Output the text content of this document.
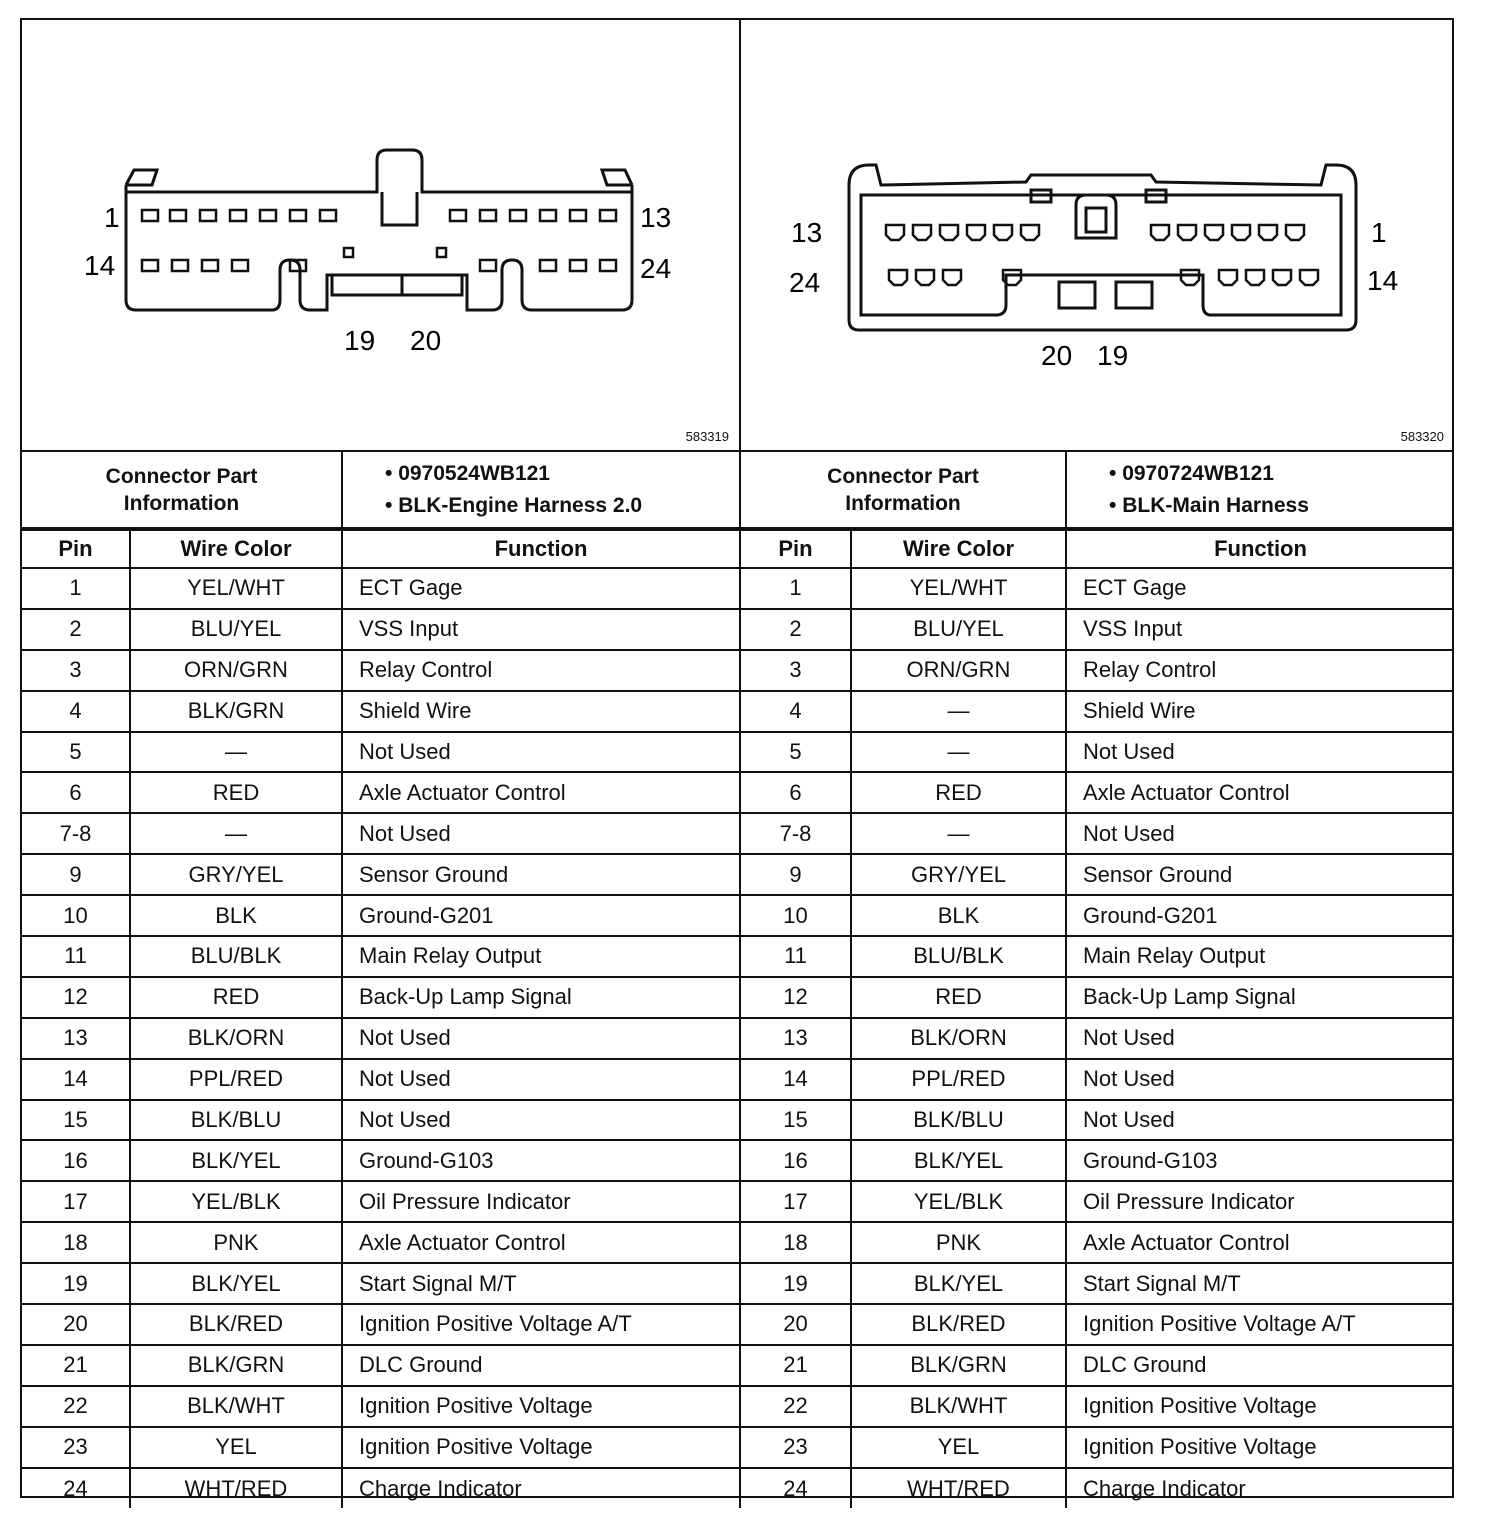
1
14
13
24
19 20
583319
Connector Part
Information

• 0970524WB121
• BLK-Engine Harness 2.0
Pin	Wire Color	Function
1	YEL/WHT	ECT Gage
2	BLU/YEL	VSS Input
3	ORN/GRN	Relay Control
4	BLK/GRN	Shield Wire
5	—	Not Used
6	RED	Axle Actuator Control
7-8	—	Not Used
9	GRY/YEL	Sensor Ground
10	BLK	Ground-G201
11	BLU/BLK	Main Relay Output
12	RED	Back-Up Lamp Signal
13	BLK/ORN	Not Used
14	PPL/RED	Not Used
15	BLK/BLU	Not Used
16	BLK/YEL	Ground-G103
17	YEL/BLK	Oil Pressure Indicator
18	PNK	Axle Actuator Control
19	BLK/YEL	Start Signal M/T
20	BLK/RED	Ignition Positive Voltage A/T
21	BLK/GRN	DLC Ground
22	BLK/WHT	Ignition Positive Voltage
23	YEL	Ignition Positive Voltage
24	WHT/RED	Charge Indicator
13
24
1
14
20 19
583320
Connector Part
Information

• 0970724WB121
• BLK-Main Harness
Pin	Wire Color	Function
1	YEL/WHT	ECT Gage
2	BLU/YEL	VSS Input
3	ORN/GRN	Relay Control
4	—	Shield Wire
5	—	Not Used
6	RED	Axle Actuator Control
7-8	—	Not Used
9	GRY/YEL	Sensor Ground
10	BLK	Ground-G201
11	BLU/BLK	Main Relay Output
12	RED	Back-Up Lamp Signal
13	BLK/ORN	Not Used
14	PPL/RED	Not Used
15	BLK/BLU	Not Used
16	BLK/YEL	Ground-G103
17	YEL/BLK	Oil Pressure Indicator
18	PNK	Axle Actuator Control
19	BLK/YEL	Start Signal M/T
20	BLK/RED	Ignition Positive Voltage A/T
21	BLK/GRN	DLC Ground
22	BLK/WHT	Ignition Positive Voltage
23	YEL	Ignition Positive Voltage
24	WHT/RED	Charge Indicator
